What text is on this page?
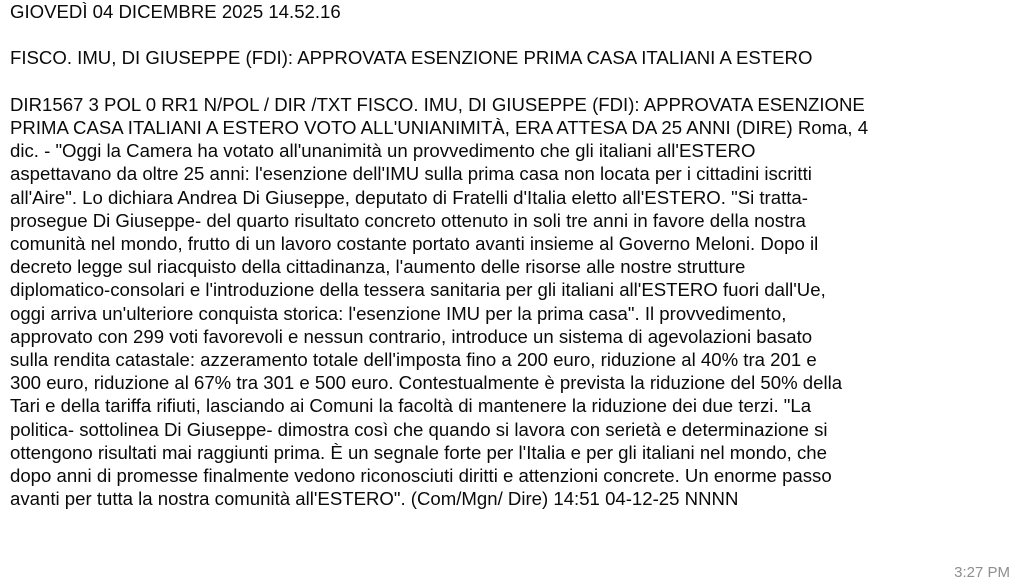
GIOVEDÌ 04 DICEMBRE 2025 14.52.16
FISCO. IMU, DI GIUSEPPE (FDI): APPROVATA ESENZIONE PRIMA CASA ITALIANI A ESTERO
DIR1567 3 POL 0 RR1 N/POL / DIR /TXT FISCO. IMU, DI GIUSEPPE (FDI): APPROVATA ESENZIONE
PRIMA CASA ITALIANI A ESTERO VOTO ALL'UNIANIMITÀ, ERA ATTESA DA 25 ANNI (DIRE) Roma, 4
dic. - "Oggi la Camera ha votato all'unanimità un provvedimento che gli italiani all'ESTERO
aspettavano da oltre 25 anni: l'esenzione dell'IMU sulla prima casa non locata per i cittadini iscritti
all'Aire". Lo dichiara Andrea Di Giuseppe, deputato di Fratelli d'Italia eletto all'ESTERO. "Si tratta-
prosegue Di Giuseppe- del quarto risultato concreto ottenuto in soli tre anni in favore della nostra
comunità nel mondo, frutto di un lavoro costante portato avanti insieme al Governo Meloni. Dopo il
decreto legge sul riacquisto della cittadinanza, l'aumento delle risorse alle nostre strutture
diplomatico-consolari e l'introduzione della tessera sanitaria per gli italiani all'ESTERO fuori dall'Ue,
oggi arriva un'ulteriore conquista storica: l'esenzione IMU per la prima casa". Il provvedimento,
approvato con 299 voti favorevoli e nessun contrario, introduce un sistema di agevolazioni basato
sulla rendita catastale: azzeramento totale dell'imposta fino a 200 euro, riduzione al 40% tra 201 e
300 euro, riduzione al 67% tra 301 e 500 euro. Contestualmente è prevista la riduzione del 50% della
Tari e della tariffa rifiuti, lasciando ai Comuni la facoltà di mantenere la riduzione dei due terzi. "La
politica- sottolinea Di Giuseppe- dimostra così che quando si lavora con serietà e determinazione si
ottengono risultati mai raggiunti prima. È un segnale forte per l'Italia e per gli italiani nel mondo, che
dopo anni di promesse finalmente vedono riconosciuti diritti e attenzioni concrete. Un enorme passo
avanti per tutta la nostra comunità all'ESTERO". (Com/Mgn/ Dire) 14:51 04-12-25 NNNN
3:27 PM
